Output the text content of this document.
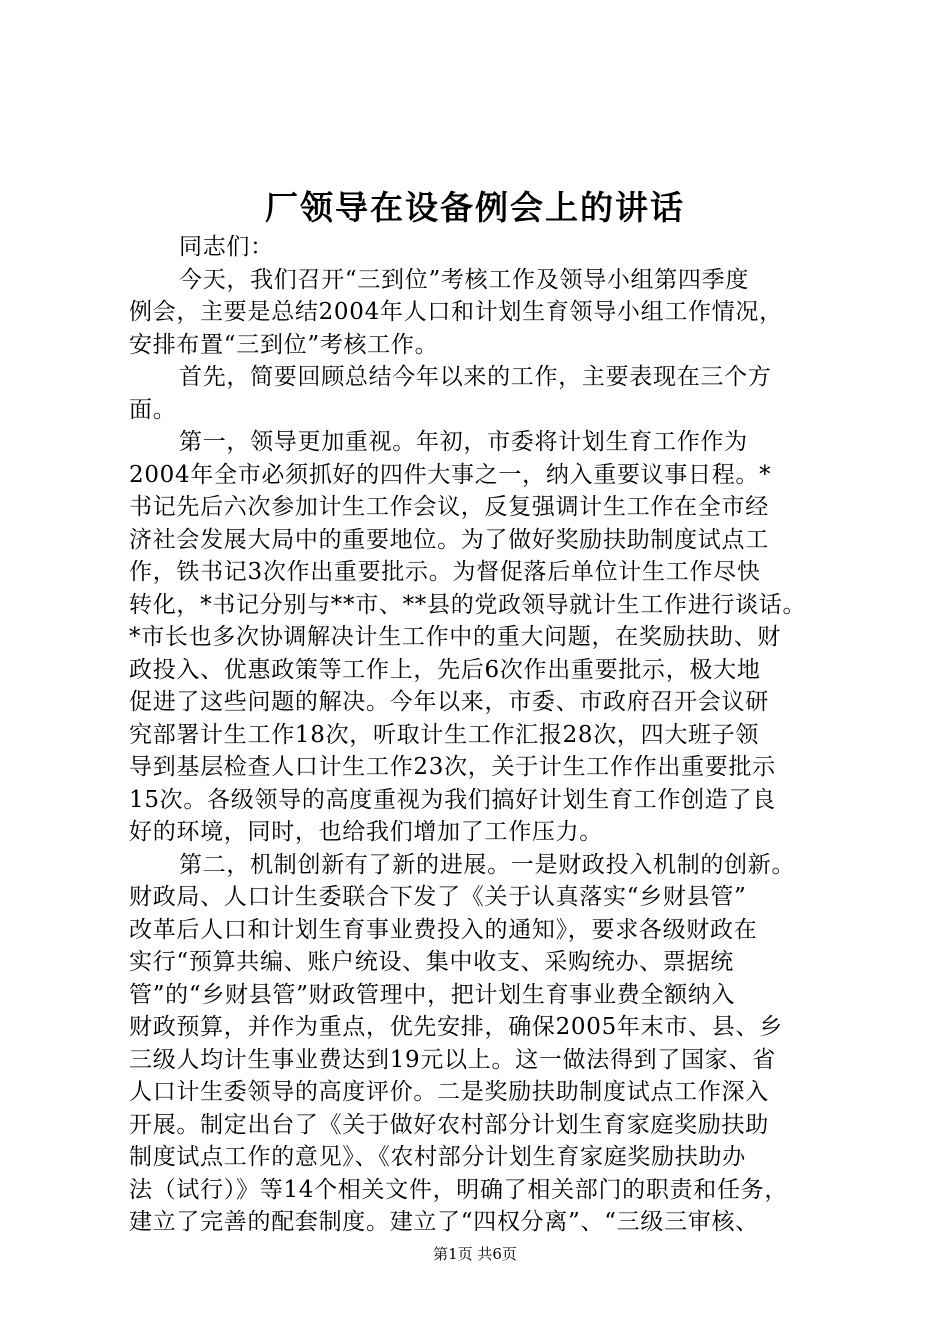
厂领导在设备例会上的讲话
同志们：
今天，我们召开“三到位”考核工作及领导小组第四季度
例会，主要是总结2004年人口和计划生育领导小组工作情况，
安排布置“三到位”考核工作。
首先，简要回顾总结今年以来的工作，主要表现在三个方
面。
第一，领导更加重视。年初，市委将计划生育工作作为
2004年全市必须抓好的四件大事之一，纳入重要议事日程。*
书记先后六次参加计生工作会议，反复强调计生工作在全市经
济社会发展大局中的重要地位。为了做好奖励扶助制度试点工
作，铁书记3次作出重要批示。为督促落后单位计生工作尽快
转化，*书记分别与**市、**县的党政领导就计生工作进行谈话。
*市长也多次协调解决计生工作中的重大问题，在奖励扶助、财
政投入、优惠政策等工作上，先后6次作出重要批示，极大地
促进了这些问题的解决。今年以来，市委、市政府召开会议研
究部署计生工作18次，听取计生工作汇报28次，四大班子领
导到基层检查人口计生工作23次，关于计生工作作出重要批示
15次。各级领导的高度重视为我们搞好计划生育工作创造了良
好的环境，同时，也给我们增加了工作压力。
第二，机制创新有了新的进展。一是财政投入机制的创新。
财政局、人口计生委联合下发了《关于认真落实“乡财县管”
改革后人口和计划生育事业费投入的通知》，要求各级财政在
实行“预算共编、账户统设、集中收支、采购统办、票据统
管”的“乡财县管”财政管理中，把计划生育事业费全额纳入
财政预算，并作为重点，优先安排，确保2005年末市、县、乡
三级人均计生事业费达到19元以上。这一做法得到了国家、省
人口计生委领导的高度评价。二是奖励扶助制度试点工作深入
开展。制定出台了《关于做好农村部分计划生育家庭奖励扶助
制度试点工作的意见》、《农村部分计划生育家庭奖励扶助办
法（试行）》等14个相关文件，明确了相关部门的职责和任务，
建立了完善的配套制度。建立了“四权分离”、“三级三审核、
第1页 共6页
